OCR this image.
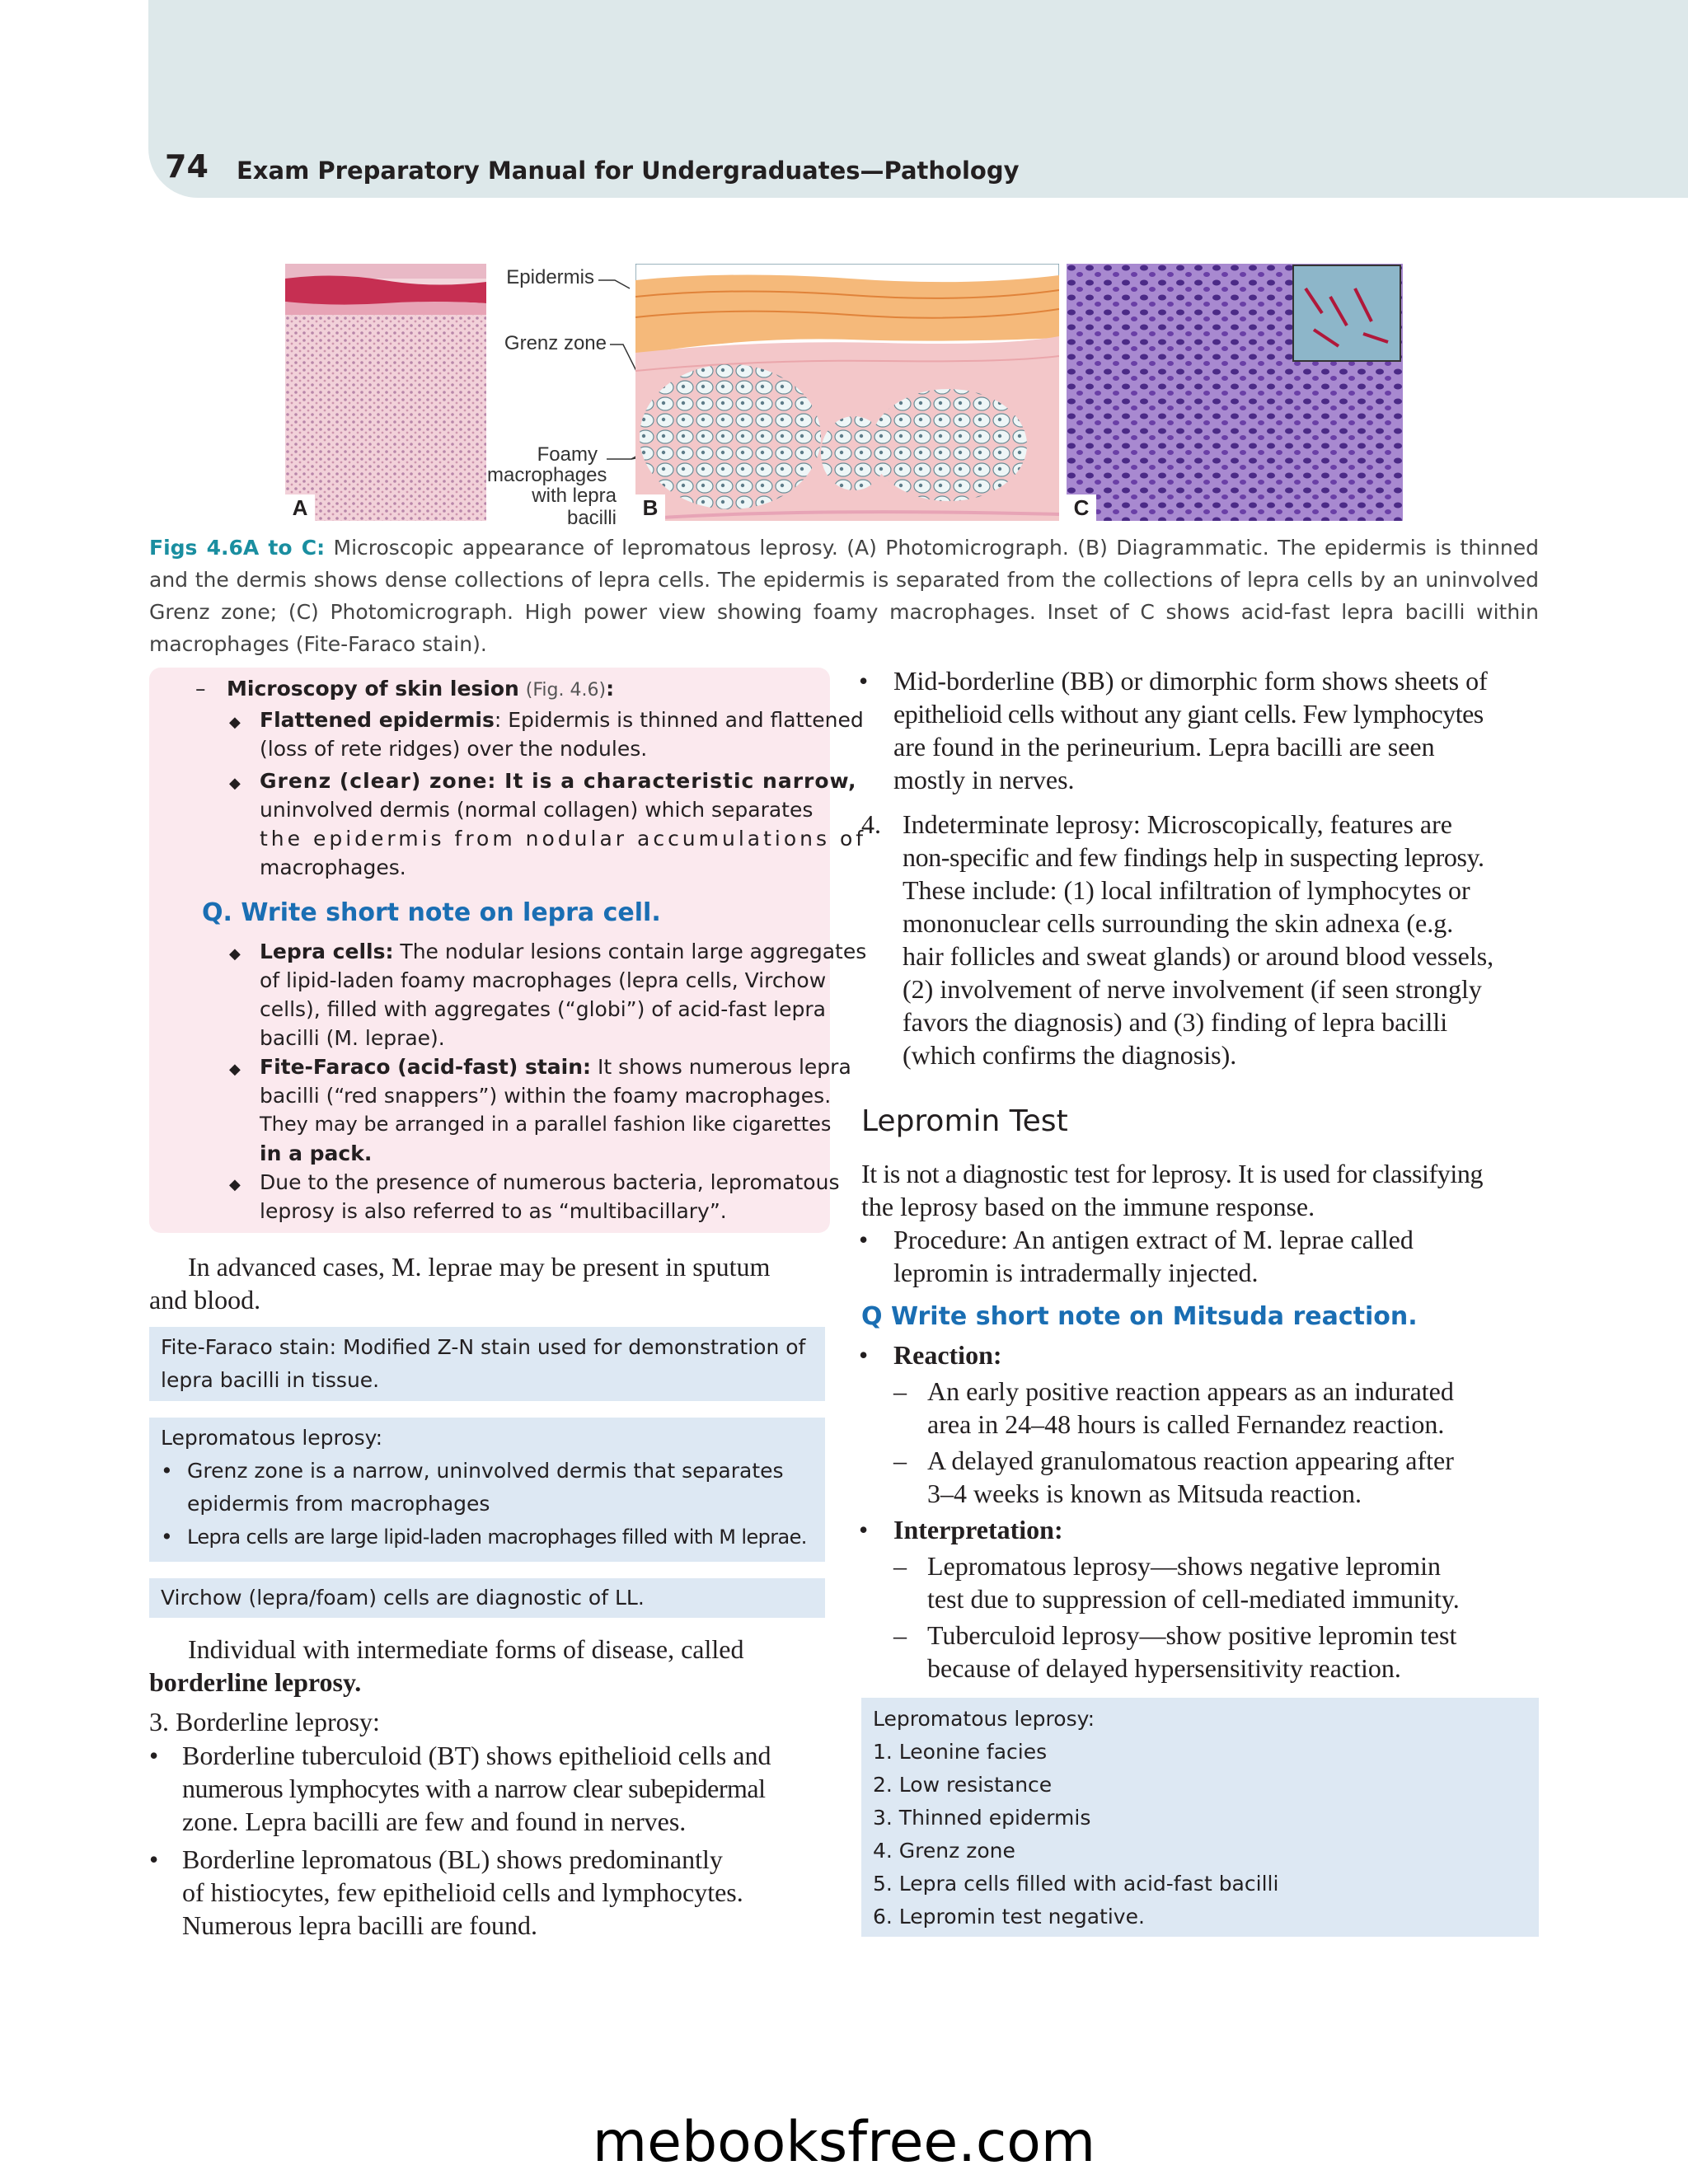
74 Exam Preparatory Manual for Undergraduates—Pathology
A
Epidermis
Grenz zone
Foamy
macrophages
with lepra bacilli	B	C
Figs 4.6A to C: Microscopic appearance of lepromatous leprosy. (A) Photomicrograph. (B) Diagrammatic. The epidermis is thinned and the dermis shows dense collections of lepra cells. The epidermis is separated from the collections of lepra cells by an uninvolved Grenz zone; (C) Photomicrograph. High power view showing foamy macrophages. Inset of C shows acid-fast lepra bacilli within macrophages (Fite-Faraco stain).
– Microscopy of skin lesion (Fig. 4.6):
◆ Flattened epidermis: Epidermis is thinned and flattened
(loss of rete ridges) over the nodules.
◆ Grenz (clear) zone: It is a characteristic narrow,
uninvolved dermis (normal collagen) which separates
the epidermis from nodular accumulations of
macrophages.
Q. Write short note on lepra cell.
◆ Lepra cells: The nodular lesions contain large aggregates
of lipid-laden foamy macrophages (lepra cells, Virchow
cells), filled with aggregates (“globi”) of acid-fast lepra
bacilli (M. leprae).
◆ Fite-Faraco (acid-fast) stain: It shows numerous lepra
bacilli (“red snappers”) within the foamy macrophages.
They may be arranged in a parallel fashion like cigarettes
in a pack.
◆ Due to the presence of numerous bacteria, lepromatous
leprosy is also referred to as “multibacillary”.
In advanced cases, M. leprae may be present in sputum
and blood.
Fite-Faraco stain: Modified Z-N stain used for demonstration of
lepra bacilli in tissue.
Lepromatous leprosy:
• Grenz zone is a narrow, uninvolved dermis that separates
epidermis from macrophages
• Lepra cells are large lipid-laden macrophages filled with M leprae.
Virchow (lepra/foam) cells are diagnostic of LL.
Individual with intermediate forms of disease, called
borderline leprosy.
3. Borderline leprosy:
• Borderline tuberculoid (BT) shows epithelioid cells and
numerous lymphocytes with a narrow clear subepidermal
zone. Lepra bacilli are few and found in nerves.
• Borderline lepromatous (BL) shows predominantly
of histiocytes, few epithelioid cells and lymphocytes.
Numerous lepra bacilli are found.
• Mid-borderline (BB) or dimorphic form shows sheets of
epithelioid cells without any giant cells. Few lymphocytes
are found in the perineurium. Lepra bacilli are seen
mostly in nerves.
4. Indeterminate leprosy: Microscopically, features are
non-specific and few findings help in suspecting leprosy.
These include: (1) local infiltration of lymphocytes or
mononuclear cells surrounding the skin adnexa (e.g.
hair follicles and sweat glands) or around blood vessels,
(2) involvement of nerve involvement (if seen strongly
favors the diagnosis) and (3) finding of lepra bacilli
(which confirms the diagnosis).
Lepromin Test
It is not a diagnostic test for leprosy. It is used for classifying
the leprosy based on the immune response.
• Procedure: An antigen extract of M. leprae called
lepromin is intradermally injected.
Q Write short note on Mitsuda reaction.
• Reaction:
– An early positive reaction appears as an indurated
area in 24–48 hours is called Fernandez reaction.
– A delayed granulomatous reaction appearing after
3–4 weeks is known as Mitsuda reaction.
• Interpretation:
– Lepromatous leprosy—shows negative lepromin
test due to suppression of cell-mediated immunity.
– Tuberculoid leprosy—show positive lepromin test
because of delayed hypersensitivity reaction.
Lepromatous leprosy:
1. Leonine facies
2. Low resistance
3. Thinned epidermis
4. Grenz zone
5. Lepra cells filled with acid-fast bacilli
6. Lepromin test negative.
mebooksfree.com
